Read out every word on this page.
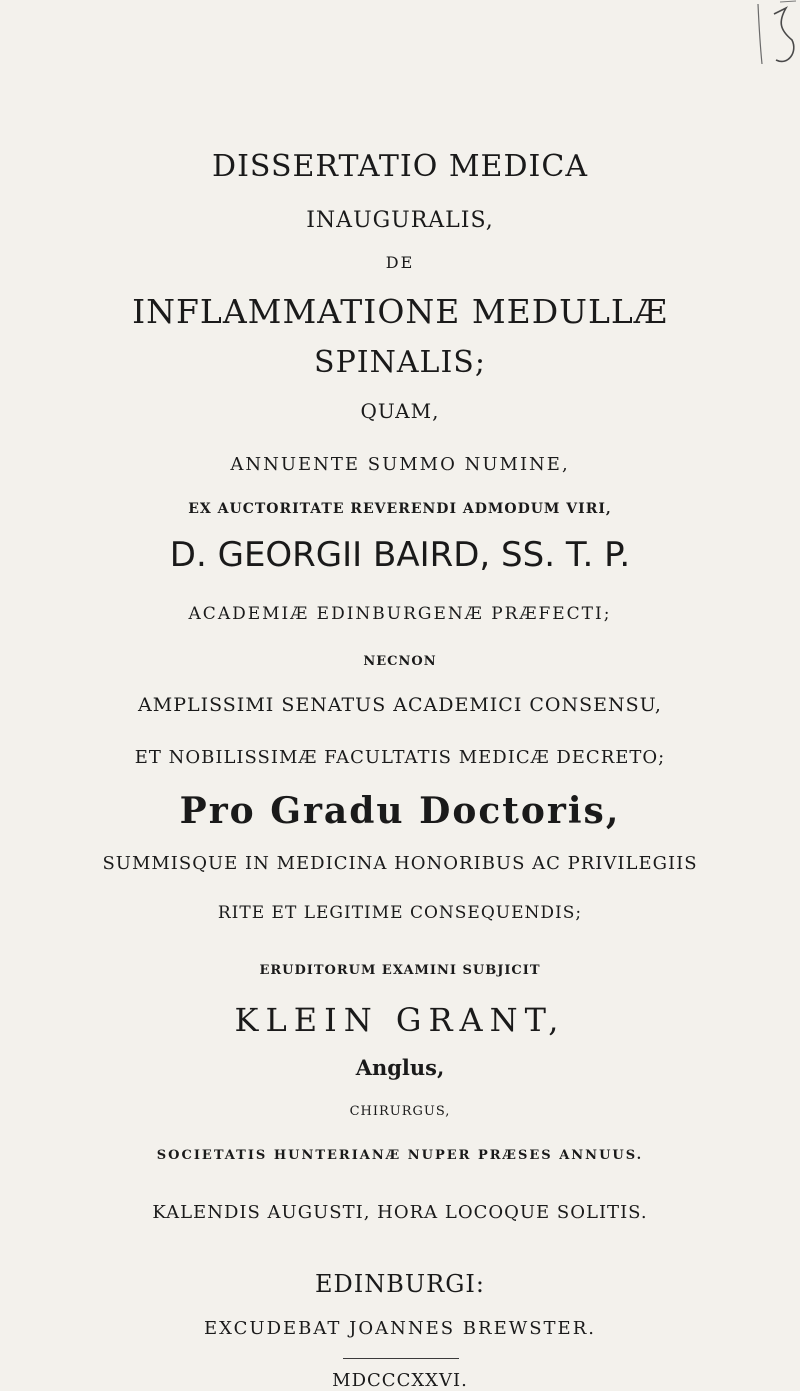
DISSERTATIO MEDICA
INAUGURALIS,
DE
INFLAMMATIONE MEDULLÆ
SPINALIS;
QUAM,
ANNUENTE SUMMO NUMINE,
EX AUCTORITATE REVERENDI ADMODUM VIRI,
D. GEORGII BAIRD, SS. T. P.
ACADEMIÆ EDINBURGENÆ PRÆFECTI;
NECNON
AMPLISSIMI SENATUS ACADEMICI CONSENSU,
ET NOBILISSIMÆ FACULTATIS MEDICÆ DECRETO;
Pro Gradu Doctoris,
SUMMISQUE IN MEDICINA HONORIBUS AC PRIVILEGIIS
RITE ET LEGITIME CONSEQUENDIS;
ERUDITORUM EXAMINI SUBJICIT
KLEIN GRANT,
Anglus,
CHIRURGUS,
SOCIETATIS HUNTERIANÆ NUPER PRÆSES ANNUUS.
KALENDIS AUGUSTI, HORA LOCOQUE SOLITIS.
EDINBURGI:
EXCUDEBAT JOANNES BREWSTER.
MDCCCXXVI.
